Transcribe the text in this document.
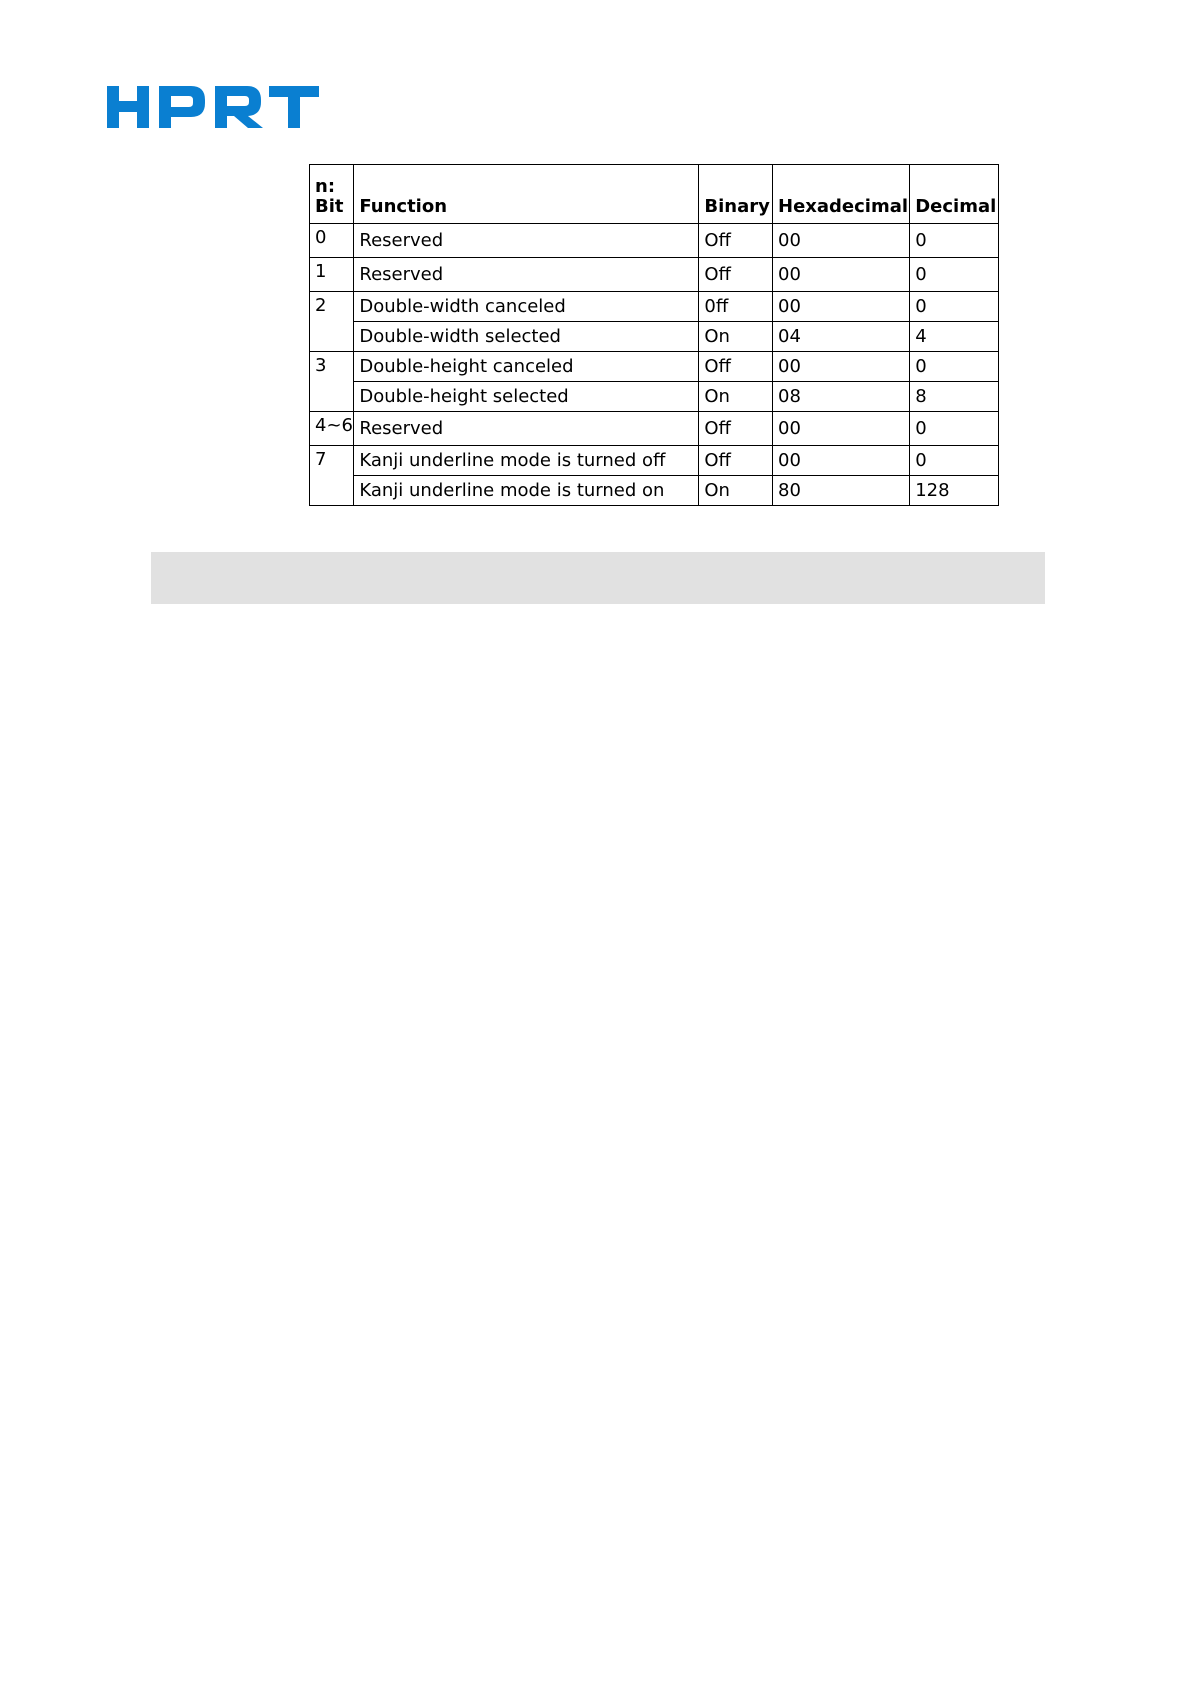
n:
Bit	Function	Binary	Hexadecimal	Decimal
0	Reserved	Off	00	0
1	Reserved	Off	00	0
2	Double-width canceled	0ff	00	0
	Double-width selected	On	04	4
3	Double-height canceled	Off	00	0
	Double-height selected	On	08	8
4~6	Reserved	Off	00	0
7	Kanji underline mode is turned off	Off	00	0
	Kanji underline mode is turned on	On	80	128
